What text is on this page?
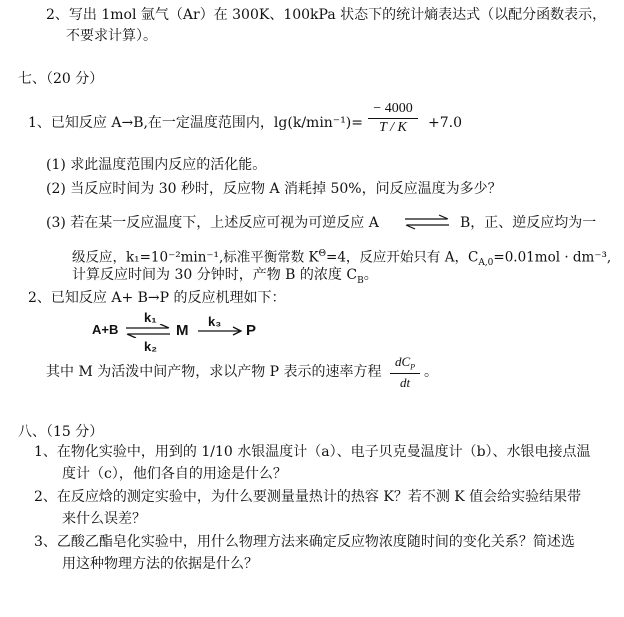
2、写出 1mol 氩气（Ar）在 300K、100kPa 状态下的统计熵表达式（以配分函数表示，
不要求计算）。
七、（20 分）
1、已知反应 A→B,在一定温度范围内，lg(k/min⁻¹)=
− 4000
T / K	+7.0
(1) 求此温度范围内反应的活化能。
(2) 当反应时间为 30 秒时，反应物 A 消耗掉 50%，问反应温度为多少？
(3) 若在某一反应温度下，上述反应可视为可逆反应 A ⇌ B，正、逆反应均为一
级反应，k₁=10⁻²min⁻¹,标准平衡常数 $K^\Theta=4$，反应开始只有 A，$C_{A,0}=0.01mol \cdot dm^{-3}$,
计算反应时间为 30 分钟时，产物 B 的浓度 $C_B$。
2、已知反应 A+ B→P 的反应机理如下：
A+B
k₁
k₂
M
k₃
P
其中 M 为活泼中间产物，求以产物 P 表示的速率方程
$dC_P$
dt
。
八、（15 分）
1、在物化实验中，用到的 1/10 水银温度计（a）、电子贝克曼温度计（b）、水银电接点温
度计（c），他们各自的用途是什么？
2、在反应焓的测定实验中，为什么要测量量热计的热容 K？若不测 K 值会给实验结果带
来什么误差？
3、乙酸乙酯皂化实验中，用什么物理方法来确定反应物浓度随时间的变化关系？简述选
用这种物理方法的依据是什么？
